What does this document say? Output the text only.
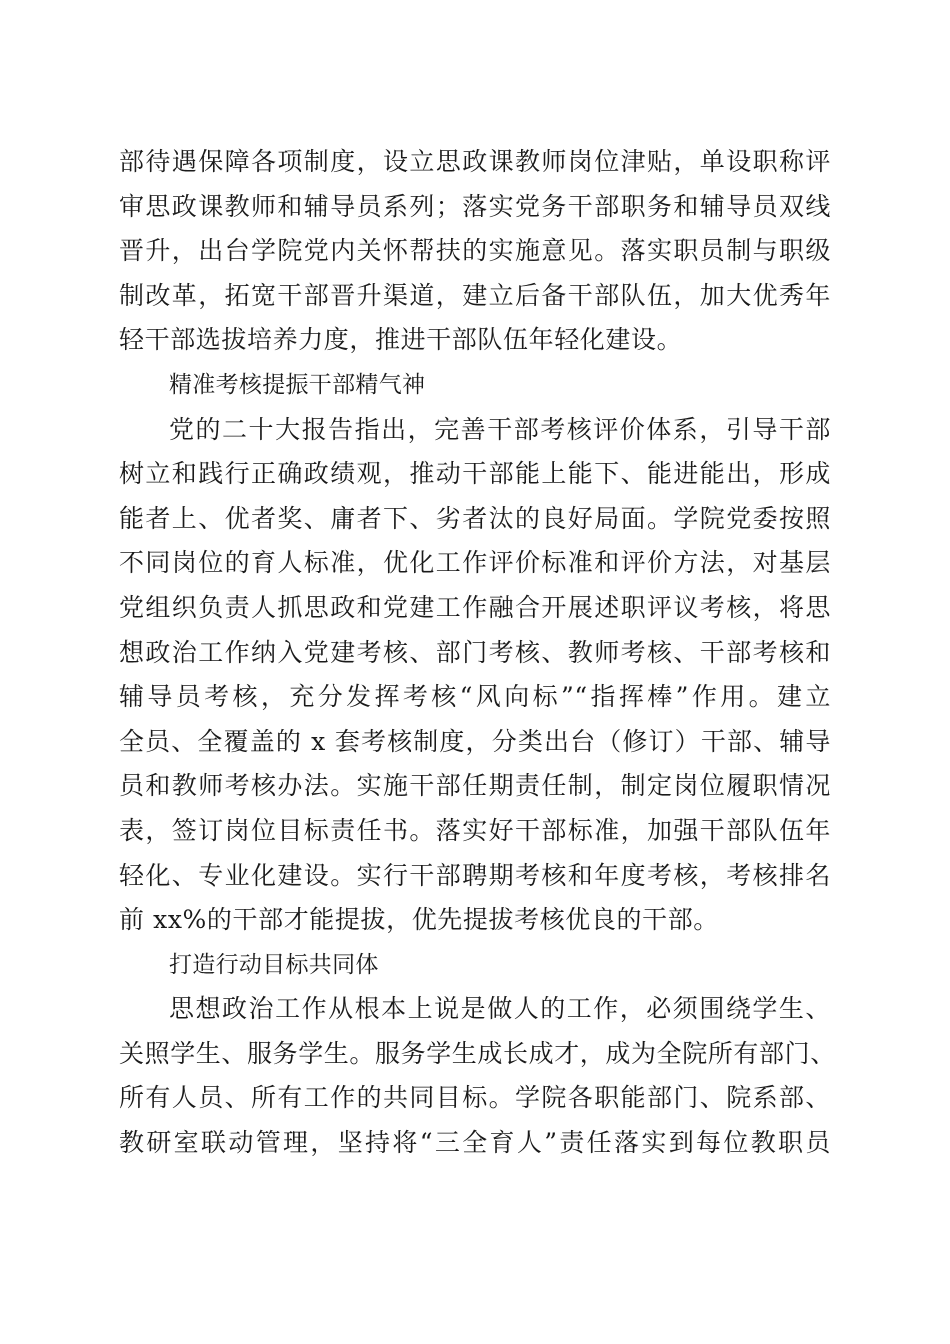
部待遇保障各项制度，设立思政课教师岗位津贴，单设职称评
审思政课教师和辅导员系列；落实党务干部职务和辅导员双线
晋升，出台学院党内关怀帮扶的实施意见。落实职员制与职级
制改革，拓宽干部晋升渠道，建立后备干部队伍，加大优秀年
轻干部选拔培养力度，推进干部队伍年轻化建设。
精准考核提振干部精气神
党的二十大报告指出，完善干部考核评价体系，引导干部
树立和践行正确政绩观，推动干部能上能下、能进能出，形成
能者上、优者奖、庸者下、劣者汰的良好局面。学院党委按照
不同岗位的育人标准，优化工作评价标准和评价方法，对基层
党组织负责人抓思政和党建工作融合开展述职评议考核，将思
想政治工作纳入党建考核、部门考核、教师考核、干部考核和
辅导员考核，充分发挥考核“风向标”“指挥棒”作用。建立
全员、全覆盖的 x 套考核制度，分类出台（修订）干部、辅导
员和教师考核办法。实施干部任期责任制，制定岗位履职情况
表，签订岗位目标责任书。落实好干部标准，加强干部队伍年
轻化、专业化建设。实行干部聘期考核和年度考核，考核排名
前 xx%的干部才能提拔，优先提拔考核优良的干部。
打造行动目标共同体
思想政治工作从根本上说是做人的工作，必须围绕学生、
关照学生、服务学生。服务学生成长成才，成为全院所有部门、
所有人员、所有工作的共同目标。学院各职能部门、院系部、
教研室联动管理，坚持将“三全育人”责任落实到每位教职员
